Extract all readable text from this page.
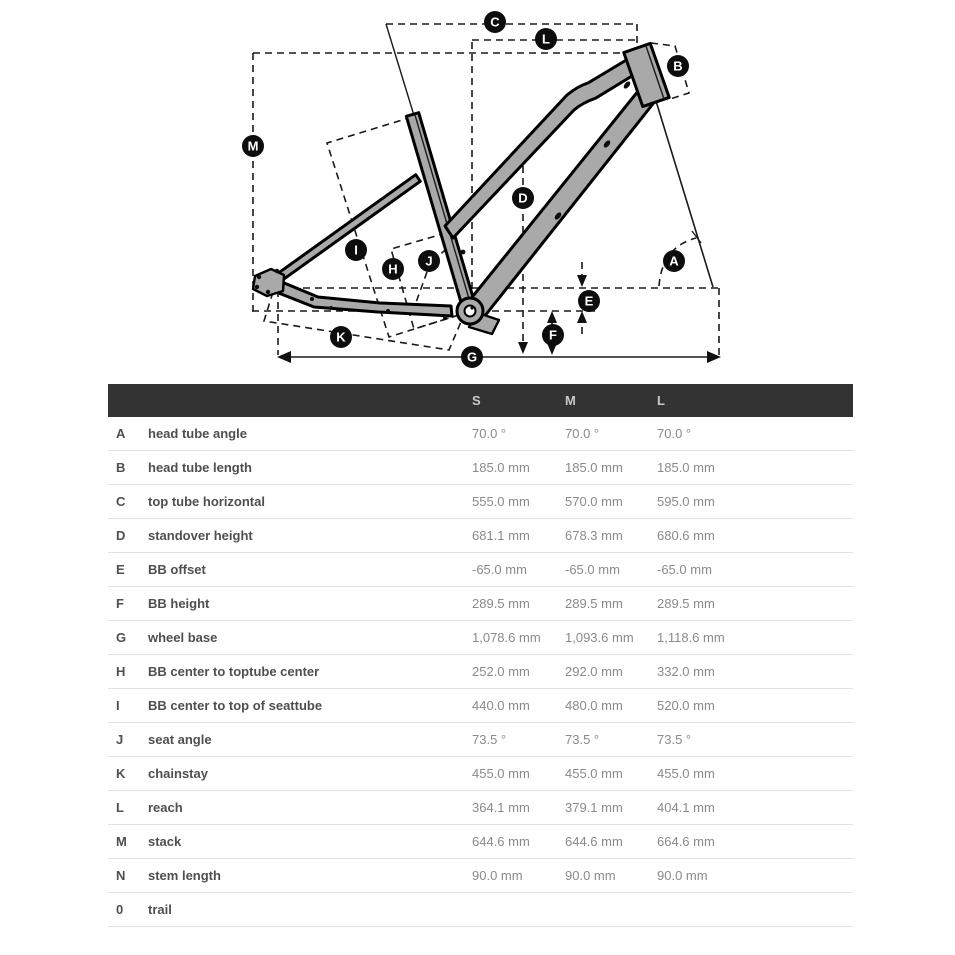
A
B
C
D
E
F
G
H
I
J
K
L
M
		S	M	L
A	head tube angle	70.0 °	70.0 °	70.0 °
B	head tube length	185.0 mm	185.0 mm	185.0 mm
C	top tube horizontal	555.0 mm	570.0 mm	595.0 mm
D	standover height	681.1 mm	678.3 mm	680.6 mm
E	BB offset	-65.0 mm	-65.0 mm	-65.0 mm
F	BB height	289.5 mm	289.5 mm	289.5 mm
G	wheel base	1,078.6 mm	1,093.6 mm	1,118.6 mm
H	BB center to toptube center	252.0 mm	292.0 mm	332.0 mm
I	BB center to top of seattube	440.0 mm	480.0 mm	520.0 mm
J	seat angle	73.5 °	73.5 °	73.5 °
K	chainstay	455.0 mm	455.0 mm	455.0 mm
L	reach	364.1 mm	379.1 mm	404.1 mm
M	stack	644.6 mm	644.6 mm	664.6 mm
N	stem length	90.0 mm	90.0 mm	90.0 mm
0	trail			
